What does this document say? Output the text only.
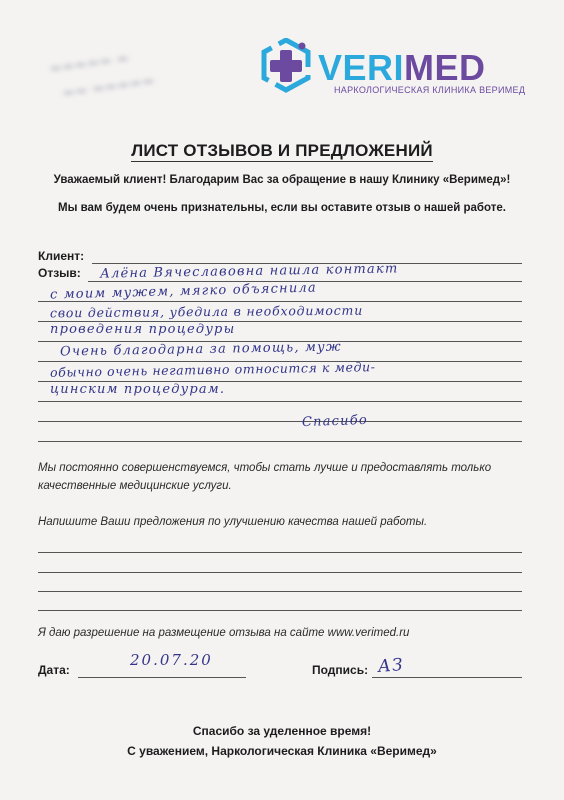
~~~~~ ~
~~ ~~~~~	VERIMED
НАРКОЛОГИЧЕСКАЯ КЛИНИКА ВЕРИМЕД
ЛИСТ ОТЗЫВОВ И ПРЕДЛОЖЕНИЙ
Уважаемый клиент! Благодарим Вас за обращение в нашу Клинику «Веримед»!
Мы вам будем очень признательны, если вы оставите отзыв о нашей работе.
Клиент:
Отзыв: Алёна Вячеславовна нашла контакт
с моим мужем, мягко объяснила
свои действия, убедила в необходимости
проведения процедуры
Очень благодарна за помощь, муж
обычно очень негативно относится к меди-
цинским процедурам.
Спасибо
Мы постоянно совершенствуемся, чтобы стать лучше и предоставлять только
качественные медицинские услуги.
Напишите Ваши предложения по улучшению качества нашей работы.
Я даю разрешение на размещение отзыва на сайте www.verimed.ru
Дата:
20.07.20
Подпись: АЗ
Спасибо за уделенное время!
С уважением, Наркологическая Клиника «Веримед»
